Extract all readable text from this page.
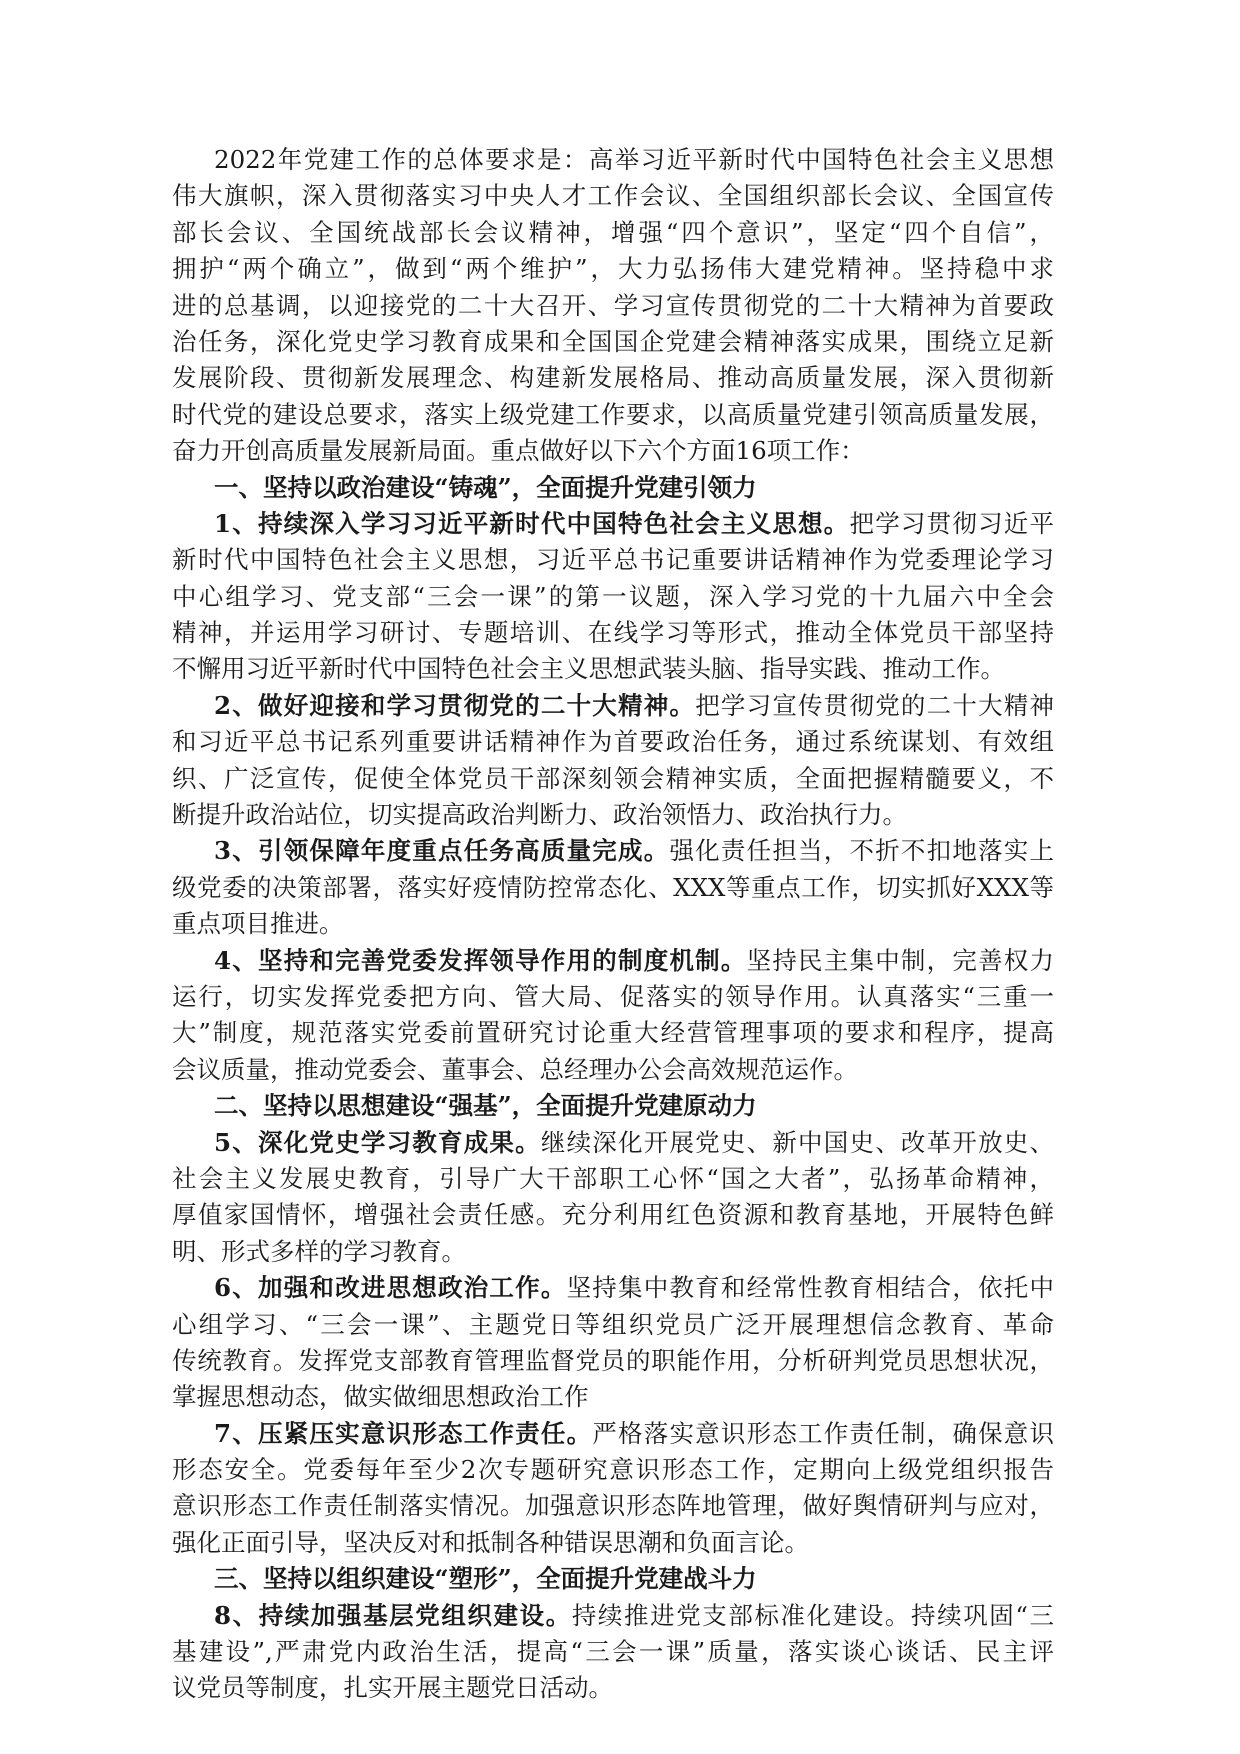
2022年党建工作的总体要求是：高举习近平新时代中国特色社会主义思想
伟大旗帜，深入贯彻落实习中央人才工作会议、全国组织部长会议、全国宣传
部长会议、全国统战部长会议精神，增强“四个意识”，坚定“四个自信”，
拥护“两个确立”，做到“两个维护”，大力弘扬伟大建党精神。坚持稳中求
进的总基调，以迎接党的二十大召开、学习宣传贯彻党的二十大精神为首要政
治任务，深化党史学习教育成果和全国国企党建会精神落实成果，围绕立足新
发展阶段、贯彻新发展理念、构建新发展格局、推动高质量发展，深入贯彻新
时代党的建设总要求，落实上级党建工作要求，以高质量党建引领高质量发展，
奋力开创高质量发展新局面。重点做好以下六个方面16项工作：
一、坚持以政治建设“铸魂”，全面提升党建引领力
1、持续深入学习习近平新时代中国特色社会主义思想。把学习贯彻习近平
新时代中国特色社会主义思想，习近平总书记重要讲话精神作为党委理论学习
中心组学习、党支部“三会一课”的第一议题，深入学习党的十九届六中全会
精神，并运用学习研讨、专题培训、在线学习等形式，推动全体党员干部坚持
不懈用习近平新时代中国特色社会主义思想武装头脑、指导实践、推动工作。
2、做好迎接和学习贯彻党的二十大精神。把学习宣传贯彻党的二十大精神
和习近平总书记系列重要讲话精神作为首要政治任务，通过系统谋划、有效组
织、广泛宣传，促使全体党员干部深刻领会精神实质，全面把握精髓要义，不
断提升政治站位，切实提高政治判断力、政治领悟力、政治执行力。
3、引领保障年度重点任务高质量完成。强化责任担当，不折不扣地落实上
级党委的决策部署，落实好疫情防控常态化、XXX等重点工作，切实抓好XXX等
重点项目推进。
4、坚持和完善党委发挥领导作用的制度机制。坚持民主集中制，完善权力
运行，切实发挥党委把方向、管大局、促落实的领导作用。认真落实“三重一
大”制度，规范落实党委前置研究讨论重大经营管理事项的要求和程序，提高
会议质量，推动党委会、董事会、总经理办公会高效规范运作。
二、坚持以思想建设“强基”，全面提升党建原动力
5、深化党史学习教育成果。继续深化开展党史、新中国史、改革开放史、
社会主义发展史教育，引导广大干部职工心怀“国之大者”，弘扬革命精神，
厚值家国情怀，增强社会责任感。充分利用红色资源和教育基地，开展特色鲜
明、形式多样的学习教育。
6、加强和改进思想政治工作。坚持集中教育和经常性教育相结合，依托中
心组学习、“三会一课”、主题党日等组织党员广泛开展理想信念教育、革命
传统教育。发挥党支部教育管理监督党员的职能作用，分析研判党员思想状况，
掌握思想动态，做实做细思想政治工作
7、压紧压实意识形态工作责任。严格落实意识形态工作责任制，确保意识
形态安全。党委每年至少2次专题研究意识形态工作，定期向上级党组织报告
意识形态工作责任制落实情况。加强意识形态阵地管理，做好舆情研判与应对，
强化正面引导，坚决反对和抵制各种错误思潮和负面言论。
三、坚持以组织建设“塑形”，全面提升党建战斗力
8、持续加强基层党组织建设。持续推进党支部标准化建设。持续巩固“三
基建设”,严肃党内政治生活，提高“三会一课”质量，落实谈心谈话、民主评
议党员等制度，扎实开展主题党日活动。
